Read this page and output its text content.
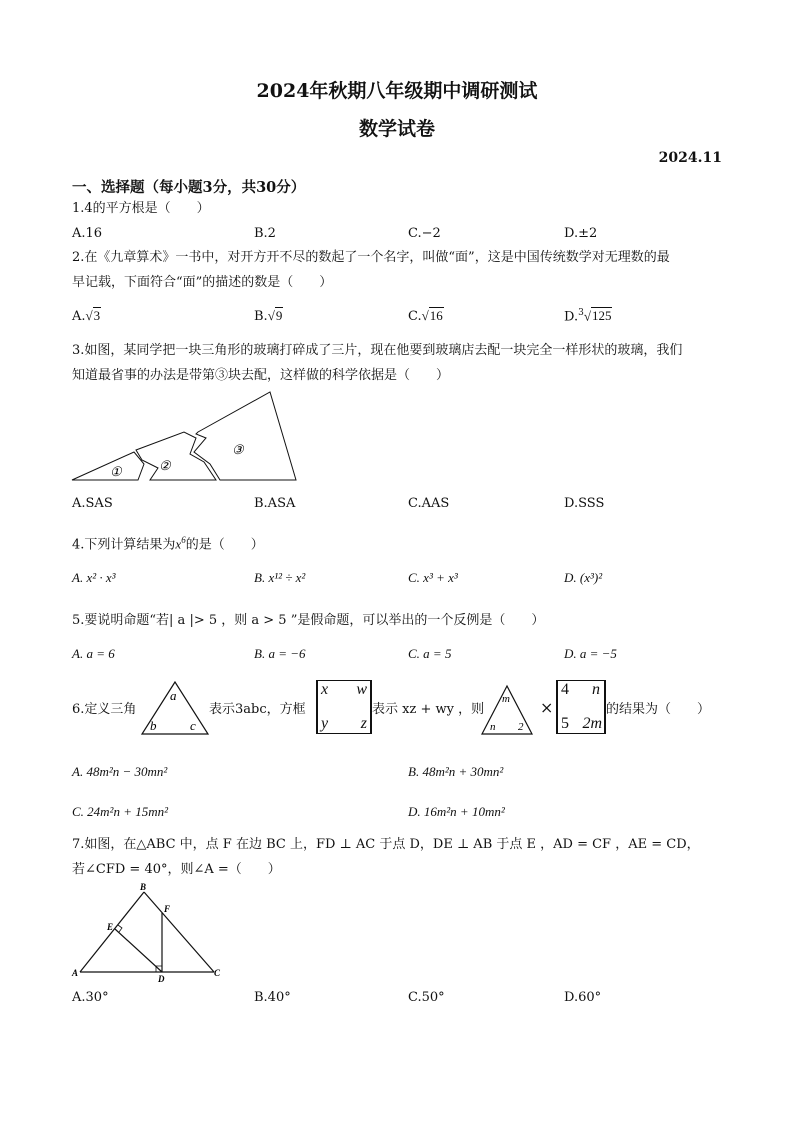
2024年秋期八年级期中调研测试
数学试卷
2024.11
一、选择题（每小题3分，共30分）
1.4的平方根是（　　）
A.16	B.2	C.−2	D.±2
2.在《九章算术》一书中，对开方开不尽的数起了一个名字，叫做“面”，这是中国传统数学对无理数的最
早记载，下面符合“面”的描述的数是（　　）
A.√3	B.√9	C.√16	D.$^3$√125
3.如图，某同学把一块三角形的玻璃打碎成了三片，现在他要到玻璃店去配一块完全一样形状的玻璃，我们
知道最省事的办法是带第③块去配，这样做的科学依据是（　　）
①	②
③
A.SAS	B.ASA	C.AAS	D.SSS
4.下列计算结果为$x^6$的是（　　）
A. x² · x³	B. x¹² ÷ x²	C. x³ + x³	D. (x³)²
5.要说明命题“若| a |> 5 ，则 a > 5 ”是假命题，可以举出的一个反例是（　　）
A. a = 6	B. a = −6	C. a = 5	D. a = −5
6.定义三角
a
b	c
表示3abc，方框
x w
y z
表示 xz + wy ，则
m
n 2
×
4 n
5 2m
的结果为（　　）
A. 48m²n − 30mn²	B. 48m²n + 30mn²
C. 24m²n + 15mn²	D. 16m²n + 10mn²
7.如图，在△ABC 中，点 F 在边 BC 上，FD ⊥ AC 于点 D，DE ⊥ AB 于点 E ，AD = CF ，AE = CD，
若∠CFD = 40°，则∠A =（　　）
A
B
C
D
E
F
A.30°	B.40°	C.50°	D.60°
